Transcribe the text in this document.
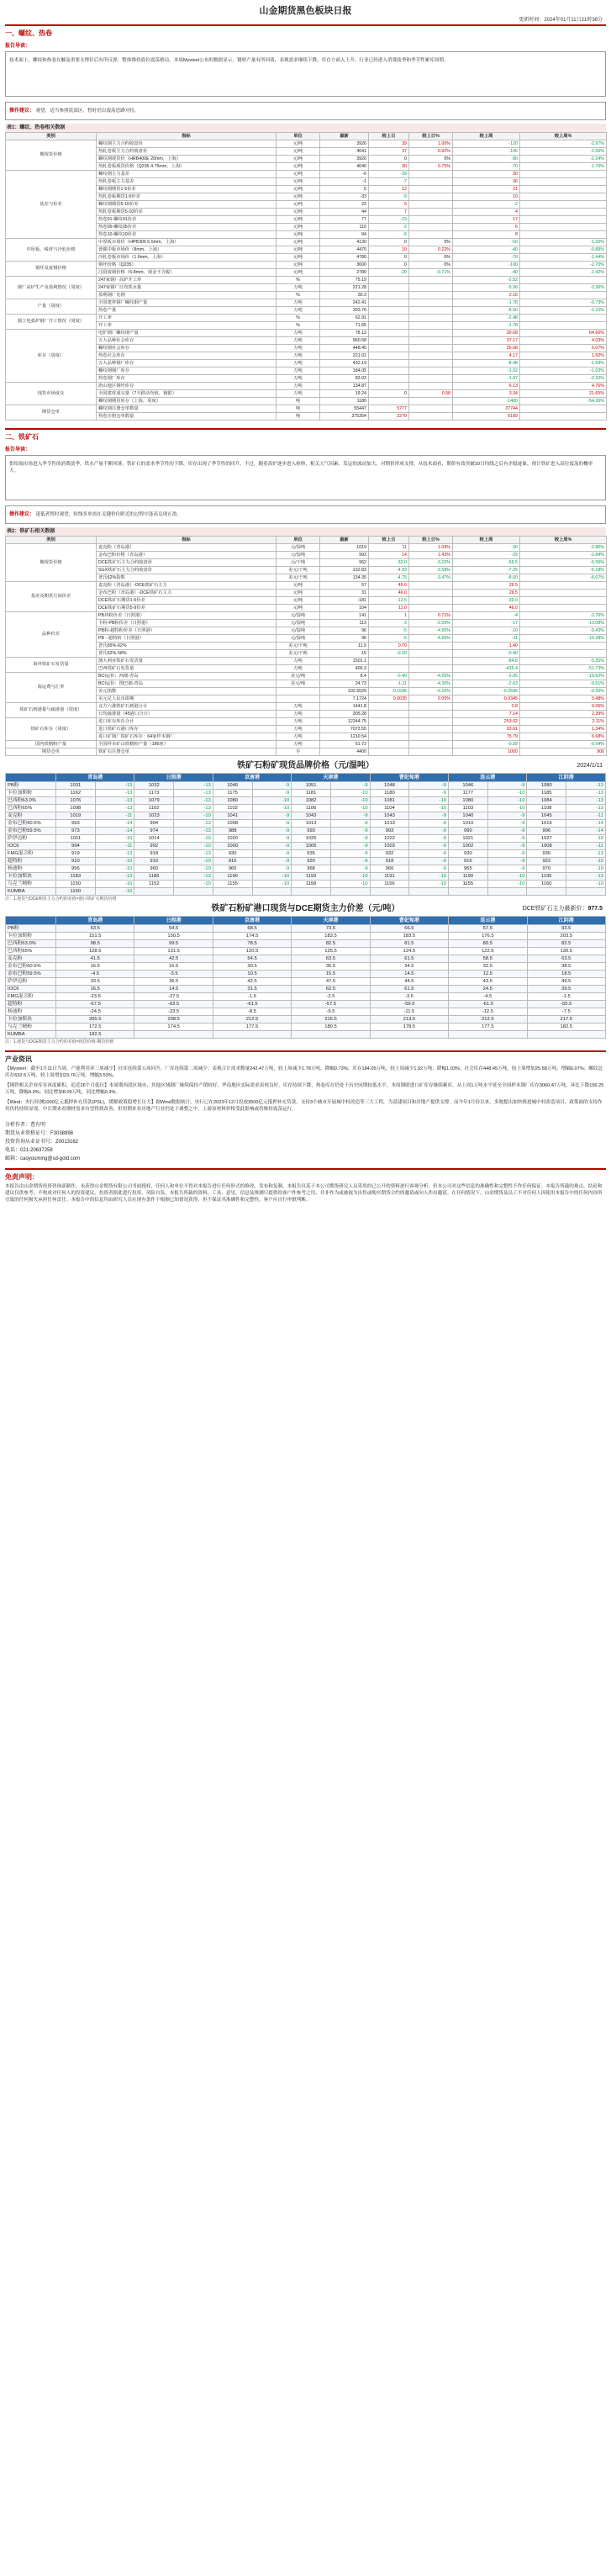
山金期货黑色板块日报
更新时间：2024年01月11日21时38分
一、螺纹、热卷
报告导读：
技术面上，螺纹和热卷在触及重要支撑位后有所反弹，整体维持底位震荡格局。本周Mysteel公布的数据显示，钢材产量有所回落，表观需求继续下降，库存方面入上升，行业已经进入消费淡季和季节性累库周期。
操作建议： 观望，适当参照底部区，暂时仍以震荡思路对待。
表1：螺纹、热卷相关数据
类别	指标	单位	最新	较上日	较上日%	较上周	较上周%
期现货价格	螺纹钢主力合约收盘价	元/吨	3926	39	1.00%	-120	-2.97%
	热轧卷板主力合约收盘价	元/吨	4041	37	0.92%	-106	-2.56%
	螺纹钢现货价（HRB400E 20mm，上海）	元/吨	3920	0	0%	-90	-2.24%
	热轧卷板现货价格（Q235 4.75mm，上海）	元/吨	4040	30	0.75%	-70	-1.70%
基差与价差	螺纹钢主力基差	元/吨	-6	-39		30	
	热轧卷板主力基差	元/吨	-1	-7		36	
	螺纹钢期货1-5价差	元/吨	5	12		21	
	热轧卷板期货1-5价差	元/吨	-33	-9		10	
	螺纹钢期货5-10价差	元/吨	23	5		-2	
	热轧卷板期货5-10价差	元/吨	44	7		4	
	热卷01-螺纹01价差	元/吨	77	-23		17	
	热卷05-螺纹05价差	元/吨	115	-2		6	
	热卷10-螺纹10价差	元/吨	94	-6		8	
中厚板、线材与冷轧价格	中厚板市场价（HPB300 6.5mm，上海）	元/吨	4130	0	0%	-50	-1.20%
	普碳中板市场价（8mm，上海）	元/吨	4470	10	0.22%	-40	-0.89%
	冷轧卷板市场价（1.0mm，上海）	元/吨	4780	0	0%	-70	-1.44%
钢坯及废钢价格	钢坯价格（Q235）	元/吨	3600	0	0%	-100	-2.70%
	江阴废钢价格（6-8mm，现金不含税）	元/吨	2780	-20	-0.71%	-40	-1.42%
钢厂高炉生产及盈利情况（周度）	247家钢厂高炉开工率	%	75.19			-2.52	
	247家钢厂日均铁水量	万吨	221.28			-5.36	-2.36%
	盈利钢厂比例	%	30.3			2.16	
产量（周度）	全国建材钢厂螺纹钢产量	万吨	242.41			-1.78	-0.73%
	热卷产量	万吨	303.76			-8.50	-2.10%
独立电弧炉钢厂开工情况（周度）	开工率	%	62.91			-2.48	
	开工率	%	71.65			-1.78	
库存（周度）	电炉钢厂螺纹钢产量	万吨	78.13			30.68	64.66%
	五大品种社会库存	万吨	960.58			37.17	4.03%
	螺纹钢社会库存	万吨	448.45			25.68	6.07%
	热卷社会库存	万吨	221.01			4.17	1.92%
	五大品种钢厂库存	万吨	432.19			-8.48	-1.93%
	螺纹钢钢厂库存	万吨	184.05			-1.92	-1.03%
	热卷钢厂库存	万吨	83.03			-1.97	-2.32%
现货市场成交	唐山地区钢坯库存	万吨	134.87			6.13	4.76%
	全国建材成交量（7天移动均值，钢银）	万吨	19.24	0	0.58	3.34	21.65%
	螺纹钢期货库存（上海，周度）	吨	1180			-1400	-54.26%
期货仓单	螺纹钢注册仓单数量	吨	55447	5777		37744	
	热卷注册仓单数量	吨	375354	2279		6189	
二、铁矿石
报告导读：
供给端市场进入季节性的消费淡季，铁水产量不断回落，铁矿石的需求季节性的下降，库存出现了季节性的回升，不过，随着高炉逐步进入检修，相关天气因素、发运的波动加大，对期价形成支撑。从技术面看，期价有效突破10日均线之后有企稳迹象，预计铁矿进入高位震荡的概率大。
操作建议： 逢低者暂时观望，短线多单需在关键价位附近的过程中逢高兑现止盈。
表2：铁矿石相关数据
类别	指标	单位	最新	较上日	较上日%	较上周	较上周%
期现货价格	麦克粉（青岛港）	元/湿吨	1019	11	1.09%	-30	-2.86%
	金布巴粉价格（青岛港）	元/湿吨	993	14	1.43%	-29	-2.84%
	DCE铁矿石主力合约收盘价	元/干吨	962	-32.0	-3.22%	-56.5	-5.55%
	SGX铁矿石主力合约收盘价	美元/干吨	132.83	-4.93	-3.58%	-7.25	-5.18%
	普氏62%指数	美元/干吨	134.35	-4.75	-3.47%	-8.60	-6.07%
基差及期货月间价差	麦克粉（青岛港）-DCE铁矿石主力	元/吨	57	45.0		26.5	
	金布巴粉（青岛港）-DCE铁矿石主力	元/吨	31	46.0		26.5	
	DCE铁矿石期货1-5价差	元/吨	-181	-12.5		-39.0	
	DCE铁矿石期货5-9价差	元/吨	104	11.0		46.0	
品种价差	PB块粉价差（日照港）	元/湿吨	141	1	0.71%	-4	-2.76%
	卡粉-PB粉价差（日照港）	元/湿吨	113	-3	-2.59%	-17	-13.08%
	PB粉-超特粉价差（日照港）	元/湿吨	96	-5	-4.95%	-10	-9.43%
	PB - 超特粉（日照港）	元/湿吨	96	-5	-4.95%	-11	-10.28%
	普氏65%-62%	美元/干吨	11.5	0.70		1.40	
	普氏62%-58%	美元/干吨	15	-0.20		-0.40	
海外铁矿石发货量	澳大利亚铁矿石发货量	万吨	1501.1			-84.8	-5.35%
	巴西铁矿石发货量	万吨	406.3			-435.4	-51.73%
海运费与汇率	BCI运价：西澳-青岛	美元/吨	8.4	-0.40	-4.55%	-2.05	-19.62%
	BCI运价：图巴朗-青岛	美元/吨	24.73	-1.11	-4.30%	-2.63	-9.61%
	美元指数		102.5529	-0.1596	-0.16%	-0.2596	-0.25%
	美元兑人民币即期		7.1724	0.0035	0.05%	0.0345	0.48%
铁矿石到港量与疏港量（周度）	北方六港铁矿石到港合计	万吨	1441.8			0.8	0.06%
	日均疏港量（45港口合计）	万吨	305.28			7.14	2.39%
铁矿石库存（周度）	进口库存库存合计	万吨	12244.75			253.02	2.11%
	进口铁矿石港口库存	万吨	7073.55			93.61	1.34%
	进口矿钢厂铁矿石库存：64家样本钢厂	万吨	1210.54			75.79	6.68%
国内铁精粉产量	全国样本矿山铁精粉产量（186座）	万吨	51.72			-0.28	-0.54%
期货仓单	铁矿石注册仓单	手	4400			1000	900
铁矿石粉矿现货品牌价格（元/湿吨）	2024/1/11
	青岛港		日照港		京唐港		天津港		曹妃甸港		连云港		江阴港	
PB粉	1031	-13	1032	-13	1046	-9	1051	-9	1048	-9	1046	-9	1080	-13
卡拉加斯粉	1162	-13	1173	-13	1175	-9	1181	-10	1180	-9	1177	-10	1185	-13
巴西粉63.0%	1076	-13	1079	-13	1080	-10	1082	-10	1081	-10	1080	-10	1084	-13
巴西粉65%	1098	-13	1102	-13	1102	-10	1106	-10	1104	-10	1103	-10	1108	-13
麦克粉	1019	-11	1023	-10	1041	-9	1043	-9	1043	-9	1040	-9	1045	-11
金布巴粉60.5%	993	-14	994	-13	1008	-9	1013	-9	1013	-9	1010	-9	1016	-14
金布巴粉59.5%	973	-14	974	-13	988	-9	993	-9	993	-9	990	-9	996	-14
萨伊迈粉	1011	-10	1014	-10	1020	-9	1025	-9	1022	-9	1021	-9	1027	-10
IOC6	994	-11	992	-10	1000	-9	1005	-9	1003	-9	1002	-9	1008	-11
FMG混合粉	919	-13	918	-13	930	-9	935	-9	932	-9	930	-9	936	-13
超特粉	910	-10	910	-10	916	-9	920	-9	918	-9	916	-9	922	-10
杨迪粉	956	-10	960	-10	965	-9	968	-9	966	-9	965	-9	970	-10
卡拉加斯块	1183	-13	1186	-13	1190	-10	1193	-10	1191	-10	1190	-10	1195	-13
乌克兰精粉	1150	-10	1152	-10	1155	-10	1158	-10	1156	-10	1155	-10	1160	-10
KUMBA	1160	-10												
注：1.现货与DCE期货主力合约的差值=港口铁矿石期货价格
铁矿石粉矿港口现货与DCE期货主力价差（元/吨）	DCE铁矿石主力最新价：977.5
	青岛港	日照港	京唐港	天津港	曹妃甸港	连云港	江阴港
PB粉	53.5	54.5	68.5	73.5	66.5	57.5	93.5
卡拉加斯粉	151.5	150.5	174.5	183.5	183.5	176.5	203.5
巴西粉63.0%	98.5	99.5	78.5	82.5	81.5	80.5	82.5
巴西粉65%	128.5	131.5	120.5	125.5	124.5	122.5	130.5
麦克粉	41.5	42.5	54.5	63.5	61.5	58.5	63.5
金布巴粉60.5%	15.5	16.5	30.5	35.5	34.5	32.5	38.5
金布巴粉59.5%	-4.5	-3.5	10.5	15.5	14.5	12.5	18.5
萨伊迈粉	33.5	36.5	42.5	47.5	44.5	43.5	49.5
IOC6	16.5	14.5	31.5	62.5	61.5	24.5	39.5
FMG混合粉	-23.5	-27.5	-1.5	-2.5	-3.5	-4.5	-1.5
超特粉	-67.5	-63.5	-61.5	-57.5	-59.5	-61.5	-55.5
杨迪粉	-24.5	-23.5	-8.5	-9.5	-11.5	-12.5	-7.5
卡拉加斯块	205.5	208.5	212.5	215.5	213.5	212.5	217.5
乌克兰精粉	172.5	174.5	177.5	180.5	178.5	177.5	182.5
KUMBA	182.5						
注：1.现货与DCE期货主力合约的差值=现货价格-期货价格
产业资讯

【Mysteel：截至1月11日当周，产能利用率三周减少】社库连续第五周回升，厂库连续第二周减少；表观合计需求数量242.47万吨，较上周减少1.78万吨，降幅0.73%；库存184.05万吨，较上周减少1.92万吨，降幅1.03%；社会库存448.45万吨，较上周增加25.68万吨，增幅6.07%；螺纹总库存632.5万吨，较上周增加23.76万吨，增幅3.53%。

【钢铁相关企业库存再度累积，追近26个月低位】本周期西段区域市，其他区域钢厂继续保持产销较好，华南地区实际需求表现良好，库存持续下降，热卷库存仍处于历史同期较低水平。本周钢联进口矿库存继续累库，从上周1万吨水平延至全国样本钢厂库存3060.47万吨，环比下降156.25万吨，降幅4.9%；同比增加8.09万吨，同比增幅0.3%。

【Wind：央行经测1000亿元抵押补充贷款(PSL)，缓解政策稳增长压力】据Wind数据统计，央行已在2023年12月投放3500亿元抵押补充贷款，支持3个城市开展城中村改造等三大工程，为基建项目和房地产提供支撑。而今年1月份以来，多地提出加快推进城中村改造项目，政策面的支持作用仍将持续显现，中长期来看钢材需求有望得到改善，但短期来看房地产行业仍处于调整之中，上游原材料价格受此影响或将维持震荡运行。

分析作者：曹有明
期货从业资格证号：F3038998
投资咨询从业证书号：Z0013162
电话：021-20637258
邮箱：caoyouming@sd-gold.com
免责声明：
本报告由山金期货投资咨询部制作，未获得山金期货有限公司书面授权，任何人和单位不得对本报告进行任何形式的修改、发布和复制。本报告仅基于本公司期货研究人员采用的已公开的资料进行客观分析，但本公司对这些信息的准确性和完整性不作任何保证。本报告所载的观点、结论和建议仅供参考，不构成对任何人的投资建议，投资者据此进行投资，风险自负。本报告所载的资料、工具、意见、信息及推测只提供给客户作参考之用，并非作为或被视为出售或购买期货合约的邀请或向人作出邀请。在任何情况下，山金期货及员工不对任何人因使用本报告中的任何内容所引致的任何损失承担任何责任。本报告中的信息均由研究人员在现有条件下根据已知情况获得，但不保证其准确性和完整性，客户应自行审慎判断。
